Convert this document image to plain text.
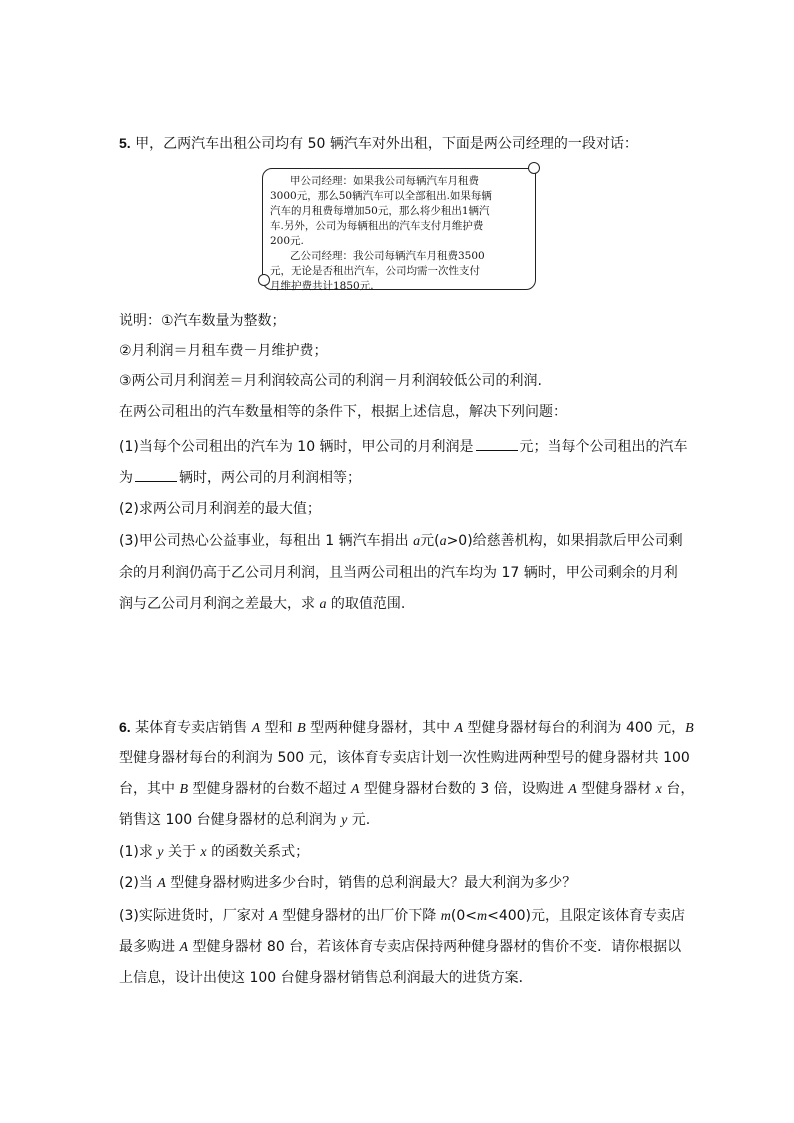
5. 甲，乙两汽车出租公司均有 50 辆汽车对外出租，下面是两公司经理的一段对话：
甲公司经理：如果我公司每辆汽车月租费
3000元，那么50辆汽车可以全部租出.如果每辆
汽车的月租费每增加50元，那么将少租出1辆汽
车.另外，公司为每辆租出的汽车支付月维护费
200元.
乙公司经理：我公司每辆汽车月租费3500
元，无论是否租出汽车，公司均需一次性支付
月维护费共计1850元.
说明：①汽车数量为整数；
②月利润＝月租车费－月维护费；
③两公司月利润差＝月利润较高公司的利润－月利润较低公司的利润.
在两公司租出的汽车数量相等的条件下，根据上述信息，解决下列问题：
(1)当每个公司租出的汽车为 10 辆时，甲公司的月利润是	元；当每个公司租出的汽车
为	辆时，两公司的月利润相等；
(2)求两公司月利润差的最大值；
(3)甲公司热心公益事业，每租出 1 辆汽车捐出 a元(a>0)给慈善机构，如果捐款后甲公司剩
余的月利润仍高于乙公司月利润，且当两公司租出的汽车均为 17 辆时，甲公司剩余的月利
润与乙公司月利润之差最大，求 a 的取值范围.
6. 某体育专卖店销售 A 型和 B 型两种健身器材，其中 A 型健身器材每台的利润为 400 元，B
型健身器材每台的利润为 500 元，该体育专卖店计划一次性购进两种型号的健身器材共 100
台，其中 B 型健身器材的台数不超过 A 型健身器材台数的 3 倍，设购进 A 型健身器材 x 台，
销售这 100 台健身器材的总利润为 y 元.
(1)求 y 关于 x 的函数关系式；
(2)当 A 型健身器材购进多少台时，销售的总利润最大？最大利润为多少？
(3)实际进货时，厂家对 A 型健身器材的出厂价下降 m(0<m<400)元，且限定该体育专卖店
最多购进 A 型健身器材 80 台，若该体育专卖店保持两种健身器材的售价不变．请你根据以
上信息，设计出使这 100 台健身器材销售总利润最大的进货方案．
